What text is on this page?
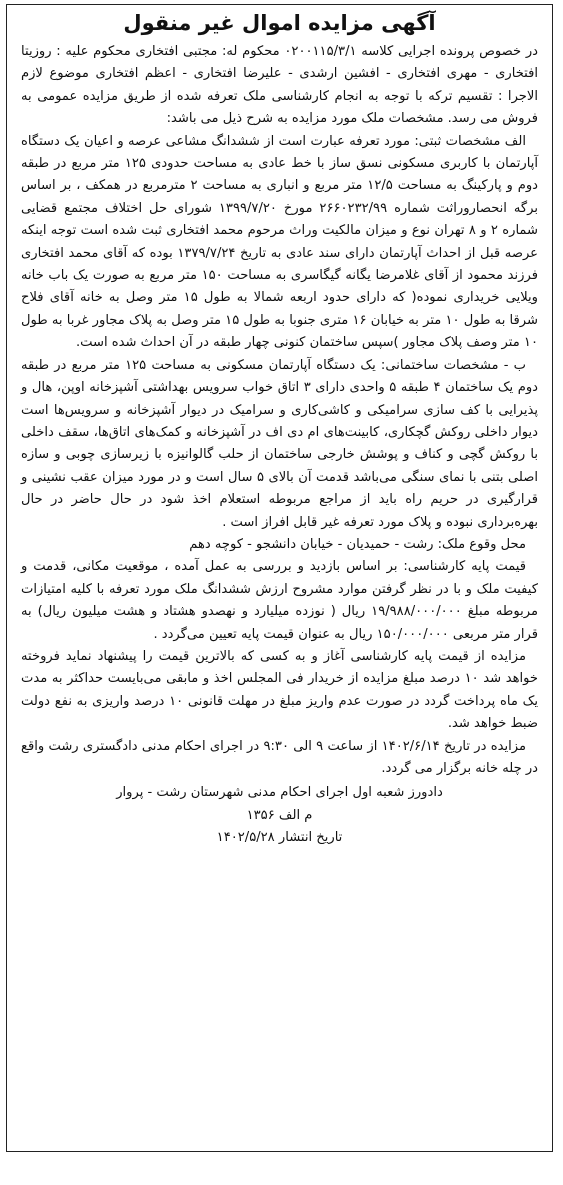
آگهی مزایده اموال غیر منقول

در خصوص پرونده اجرایی کلاسه ۰۲۰۰۱۱۵/۳/۱ محکوم له: مجتبی افتخاری محکوم علیه : روزیتا افتخاری - مهری افتخاری - افشین ارشدی - علیرضا افتخاری - اعظم افتخاری موضوع لازم الاجرا : تقسیم ترکه با توجه به انجام کارشناسی ملک تعرفه شده از طریق مزایده عمومی به فروش می رسد. مشخصات ملک مورد مزایده به شرح ذیل می باشد:

الف مشخصات ثبتی: مورد تعرفه عبارت است از ششدانگ مشاعی عرصه و اعیان یک دستگاه آپارتمان با کاربری مسکونی نسق ساز با خط عادی به مساحت حدودی ۱۲۵ متر مربع در طبقه دوم و پارکینگ به مساحت ۱۲/۵ متر مربع و انباری به مساحت ۲ مترمربع در همکف ، بر اساس برگه انحصاروراثت شماره ۲۶۶۰۲۳۲/۹۹ مورخ ۱۳۹۹/۷/۲۰ شورای حل اختلاف مجتمع قضایی شماره ۲ و ۸ تهران نوع و میزان مالکیت وراث مرحوم محمد افتخاری ثبت شده است توجه اینکه عرصه قبل از احداث آپارتمان دارای سند عادی به تاریخ ۱۳۷۹/۷/۲۴ بوده که آقای محمد افتخاری فرزند محمود از آقای غلامرضا یگانه گیگاسری به مساحت ۱۵۰ متر مربع به صورت یک باب خانه ویلایی خریداری نموده( که دارای حدود اربعه شمالا به طول ۱۵ متر وصل به خانه آقای فلاح شرقا به طول ۱۰ متر به خیابان ۱۶ متری جنوبا به طول ۱۵ متر وصل به پلاک مجاور غربا به طول ۱۰ متر وصف پلاک مجاور )سپس ساختمان کنونی چهار طبقه در آن احداث شده است.

ب - مشخصات ساختمانی: یک دستگاه آپارتمان مسکونی به مساحت ۱۲۵ متر مربع در طبقه دوم یک ساختمان ۴ طبقه ۵ واحدی دارای ۳ اتاق خواب سرویس بهداشتی آشپزخانه اوپن، هال و پذیرایی با کف سازی سرامیکی و کاشی‌کاری و سرامیک در دیوار آشپزخانه و سرویس‌ها است دیوار داخلی روکش گچکاری، کابینت‌های ام دی اف در آشپزخانه و کمک‌های اتاق‌ها، سقف داخلی با روکش گچی و کناف و پوشش خارجی ساختمان از حلب گالوانیزه با زیرسازی چوبی و سازه اصلی بتنی با نمای سنگی می‌باشد قدمت آن بالای ۵ سال است و در مورد میزان عقب نشینی و قرارگیری در حریم راه باید از مراجع مربوطه استعلام اخذ شود در حال حاضر در حال بهره‌برداری نبوده و پلاک مورد تعرفه غیر قابل افراز است .

محل وقوع ملک: رشت - حمیدیان - خیابان دانشجو - کوچه دهم

قیمت پایه کارشناسی: بر اساس بازدید و بررسی به عمل آمده ، موقعیت مکانی، قدمت و کیفیت ملک و با در نظر گرفتن موارد مشروح ارزش ششدانگ ملک مورد تعرفه با کلیه امتیازات مربوطه مبلغ ۱۹/۹۸۸/۰۰۰/۰۰۰ ریال ( نوزده میلیارد و نهصدو هشتاد و هشت میلیون ریال) به قرار متر مربعی ۱۵۰/۰۰۰/۰۰۰ ریال به عنوان قیمت پایه تعیین می‌گردد .

مزایده از قیمت پایه کارشناسی آغاز و به کسی که بالاترین قیمت را پیشنهاد نماید فروخته خواهد شد ۱۰ درصد مبلغ مزایده از خریدار فی المجلس اخذ و مابقی می‌بایست حداکثر به مدت یک ماه پرداخت گردد در صورت عدم واریز مبلغ در مهلت قانونی ۱۰ درصد واریزی به نفع دولت ضبط خواهد شد.

مزایده در تاریخ ۱۴۰۲/۶/۱۴ از ساعت ۹ الی ۹:۳۰ در اجرای احکام مدنی دادگستری رشت واقع در چله خانه برگزار می گردد.

دادورز شعبه اول اجرای احکام مدنی شهرستان رشت - پروار

م الف ۱۳۵۶

تاریخ انتشار ۱۴۰۲/۵/۲۸
